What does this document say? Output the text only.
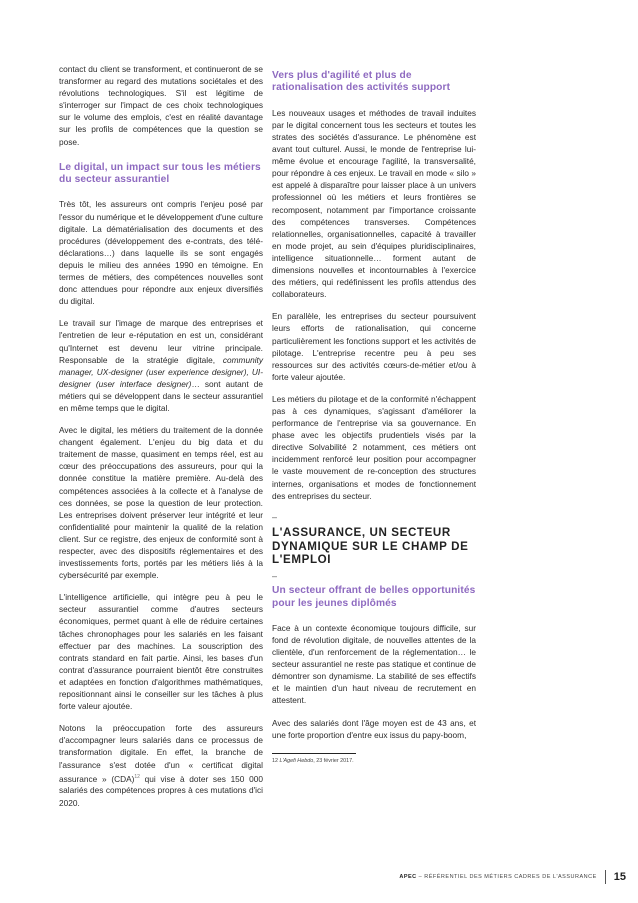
contact du client se transforment, et continueront de se transformer au regard des mutations sociétales et des révolutions technologiques. S'il est légitime de s'interroger sur l'impact de ces choix technologiques sur le volume des emplois, c'est en réalité davantage sur les profils de compétences que la question se pose.

Le digital, un impact sur tous les métiers du secteur assurantiel

Très tôt, les assureurs ont compris l'enjeu posé par l'essor du numérique et le développement d'une culture digitale. La dématérialisation des documents et des procédures (développement des e-contrats, des télé-déclarations…) dans laquelle ils se sont engagés depuis le milieu des années 1990 en témoigne. En termes de métiers, des compétences nouvelles sont donc attendues pour répondre aux enjeux diversifiés du digital.

Le travail sur l'image de marque des entreprises et l'entretien de leur e-réputation en est un, considérant qu'Internet est devenu leur vitrine principale. Responsable de la stratégie digitale, community manager, UX-designer (user experience designer), UI-designer (user interface designer)… sont autant de métiers qui se développent dans le secteur assurantiel en même temps que le digital.

Avec le digital, les métiers du traitement de la donnée changent également. L'enjeu du big data et du traitement de masse, quasiment en temps réel, est au cœur des préoccupations des assureurs, pour qui la donnée constitue la matière première. Au-delà des compétences associées à la collecte et à l'analyse de ces données, se pose la question de leur protection. Les entreprises doivent préserver leur intégrité et leur confidentialité pour maintenir la qualité de la relation client. Sur ce registre, des enjeux de conformité sont à respecter, avec des dispositifs réglementaires et des investissements forts, portés par les métiers liés à la cybersécurité par exemple.

L'intelligence artificielle, qui intègre peu à peu le secteur assurantiel comme d'autres secteurs économiques, permet quant à elle de réduire certaines tâches chronophages pour les salariés en les faisant effectuer par des machines. La souscription des contrats standard en fait partie. Ainsi, les bases d'un contrat d'assurance pourraient bientôt être construites et adaptées en fonction d'algorithmes mathématiques, repositionnant ainsi le conseiller sur les tâches à plus forte valeur ajoutée.

Notons la préoccupation forte des assureurs d'accompagner leurs salariés dans ce processus de transformation digitale. En effet, la branche de l'assurance s'est dotée d'un « certificat digital assurance » (CDA)$^{12}$ qui vise à doter ses 150 000 salariés des compétences propres à ces mutations d'ici 2020.

Vers plus d'agilité et plus de rationalisation des activités support

Les nouveaux usages et méthodes de travail induites par le digital concernent tous les secteurs et toutes les strates des sociétés d'assurance. Le phénomène est avant tout culturel. Aussi, le monde de l'entreprise lui-même évolue et encourage l'agilité, la transversalité, pour répondre à ces enjeux. Le travail en mode « silo » est appelé à disparaître pour laisser place à un univers professionnel où les métiers et leurs frontières se recomposent, notamment par l'importance croissante des compétences transverses. Compétences relationnelles, organisationnelles, capacité à travailler en mode projet, au sein d'équipes pluridisciplinaires, intelligence situationnelle… forment autant de dimensions nouvelles et incontournables à l'exercice des métiers, qui redéfinissent les profils attendus des collaborateurs.

En parallèle, les entreprises du secteur poursuivent leurs efforts de rationalisation, qui concerne particulièrement les fonctions support et les activités de pilotage. L'entreprise recentre peu à peu ses ressources sur des activités cœurs-de-métier et/ou à forte valeur ajoutée.

Les métiers du pilotage et de la conformité n'échappent pas à ces dynamiques, s'agissant d'améliorer la performance de l'entreprise via sa gouvernance. En phase avec les objectifs prudentiels visés par la directive Solvabilité 2 notamment, ces métiers ont incidemment renforcé leur position pour accompagner le vaste mouvement de re-conception des structures internes, organisations et modes de fonctionnement des entreprises du secteur.

–
L'ASSURANCE, UN SECTEUR DYNAMIQUE SUR LE CHAMP DE L'EMPLOI
–
Un secteur offrant de belles opportunités pour les jeunes diplômés

Face à un contexte économique toujours difficile, sur fond de révolution digitale, de nouvelles attentes de la clientèle, d'un renforcement de la réglementation… le secteur assurantiel ne reste pas statique et continue de démontrer son dynamisme. La stabilité de ses effectifs et le maintien d'un haut niveau de recrutement en attestent.

Avec des salariés dont l'âge moyen est de 43 ans, et une forte proportion d'entre eux issus du papy-boom,

12 L'Agefi Hebdo, 23 février 2017.
APEC – RÉFÉRENTIEL DES MÉTIERS CADRES DE L'ASSURANCE 15
